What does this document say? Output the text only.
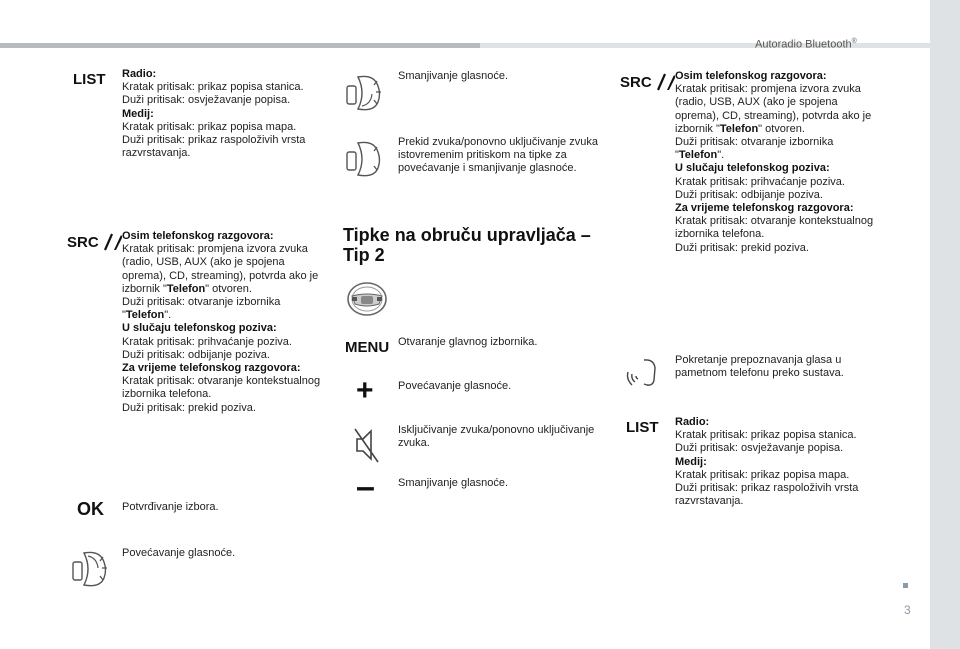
Autoradio Bluetooth®
3
LIST Radio:
Kratak pritisak: prikaz popisa stanica.
Duži pritisak: osvježavanje popisa.
Medij:
Kratak pritisak: prikaz popisa mapa.
Duži pritisak: prikaz raspoloživih vrsta razvrstavanja.
SRC Osim telefonskog razgovora:
Kratak pritisak: promjena izvora zvuka (radio, USB, AUX (ako je spojena oprema), CD, streaming), potvrda ako je izbornik "Telefon" otvoren.
Duži pritisak: otvaranje izbornika "Telefon".
U slučaju telefonskog poziva:
Kratak pritisak: prihvaćanje poziva.
Duži pritisak: odbijanje poziva.
Za vrijeme telefonskog razgovora:
Kratak pritisak: otvaranje kontekstualnog izbornika telefona.
Duži pritisak: prekid poziva.
OK Potvrđivanje izbora.
Povećavanje glasnoće.
Smanjivanje glasnoće.
Prekid zvuka/ponovno uključivanje zvuka istovremenim pritiskom na tipke za povećavanje i smanjivanje glasnoće.
Tipke na obruču upravljača – Tip 2
MENU Otvaranje glavnog izbornika.
+ Povećavanje glasnoće.
Isključivanje zvuka/ponovno uključivanje zvuka.
– Smanjivanje glasnoće.
SRC Osim telefonskog razgovora:
Kratak pritisak: promjena izvora zvuka (radio, USB, AUX (ako je spojena oprema), CD, streaming), potvrda ako je izbornik "Telefon" otvoren.
Duži pritisak: otvaranje izbornika "Telefon".
U slučaju telefonskog poziva:
Kratak pritisak: prihvaćanje poziva.
Duži pritisak: odbijanje poziva.
Za vrijeme telefonskog razgovora:
Kratak pritisak: otvaranje kontekstualnog izbornika telefona.
Duži pritisak: prekid poziva.
Pokretanje prepoznavanja glasa u pametnom telefonu preko sustava.
LIST Radio:
Kratak pritisak: prikaz popisa stanica.
Duži pritisak: osvježavanje popisa.
Medij:
Kratak pritisak: prikaz popisa mapa.
Duži pritisak: prikaz raspoloživih vrsta razvrstavanja.
